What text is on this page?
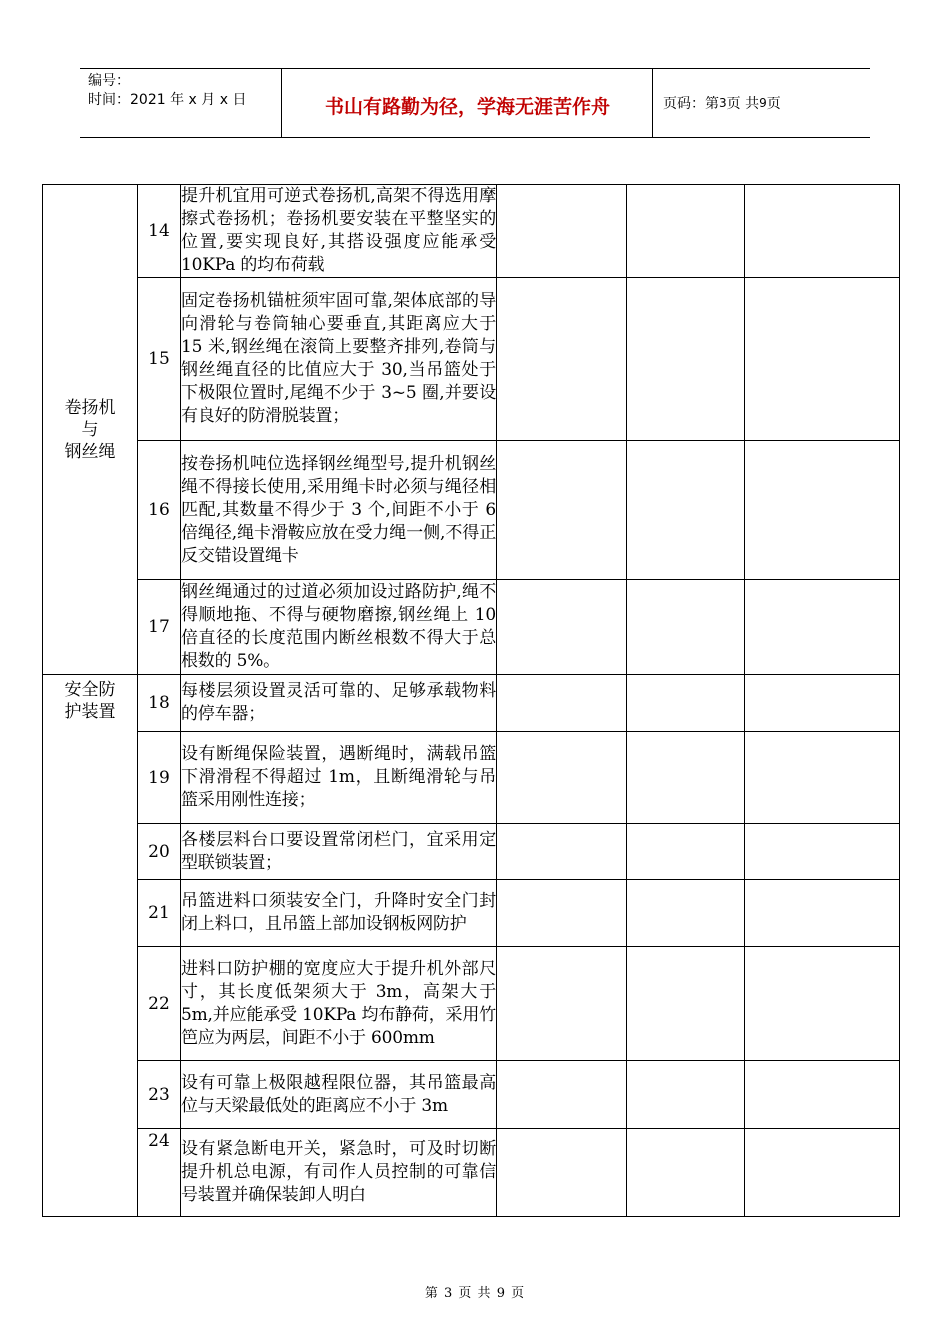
编号：
时间：2021 年 x 月 x 日	书山有路勤为径，学海无涯苦作舟	页码：第 3 页 共 9 页
卷扬机
与
钢丝绳	14	提升机宜用可逆式卷扬机,高架不得选用摩擦式卷扬机；卷扬机要安装在平整坚实的位置,要实现良好,其搭设强度应能承受 10KPa 的均布荷载			
	15	固定卷扬机锚桩须牢固可靠,架体底部的导向滑轮与卷筒轴心要垂直,其距离应大于 15 米,钢丝绳在滚筒上要整齐排列,卷筒与钢丝绳直径的比值应大于 30,当吊篮处于下极限位置时,尾绳不少于 3~5 圈,并要设有良好的防滑脱装置；			
	16	按卷扬机吨位选择钢丝绳型号,提升机钢丝绳不得接长使用,采用绳卡时必须与绳径相匹配,其数量不得少于 3 个,间距不小于 6 倍绳径,绳卡滑鞍应放在受力绳一侧,不得正反交错设置绳卡			
	17	钢丝绳通过的过道必须加设过路防护,绳不得顺地拖、不得与硬物磨擦,钢丝绳上 10 倍直径的长度范围内断丝根数不得大于总根数的 5%。			

安全防
护装置	18	每楼层须设置灵活可靠的、足够承载物料的停车器；			
	19	设有断绳保险装置，遇断绳时，满载吊篮下滑滑程不得超过 1m，且断绳滑轮与吊篮采用刚性连接；			
	20	各楼层料台口要设置常闭栏门，宜采用定型联锁装置；			
	21	吊篮进料口须装安全门，升降时安全门封闭上料口，且吊篮上部加设钢板网防护			
	22	进料口防护棚的宽度应大于提升机外部尺寸，其长度低架须大于 3m，高架大于 5m,并应能承受 10KPa 均布静荷，采用竹笆应为两层，间距不小于 600mm			
	23	设有可靠上极限越程限位器，其吊篮最高位与天梁最低处的距离应不小于 3m			
	24	设有紧急断电开关，紧急时，可及时切断提升机总电源，有司作人员控制的可靠信号装置并确保装卸人明白			
第 3 页 共 9 页
